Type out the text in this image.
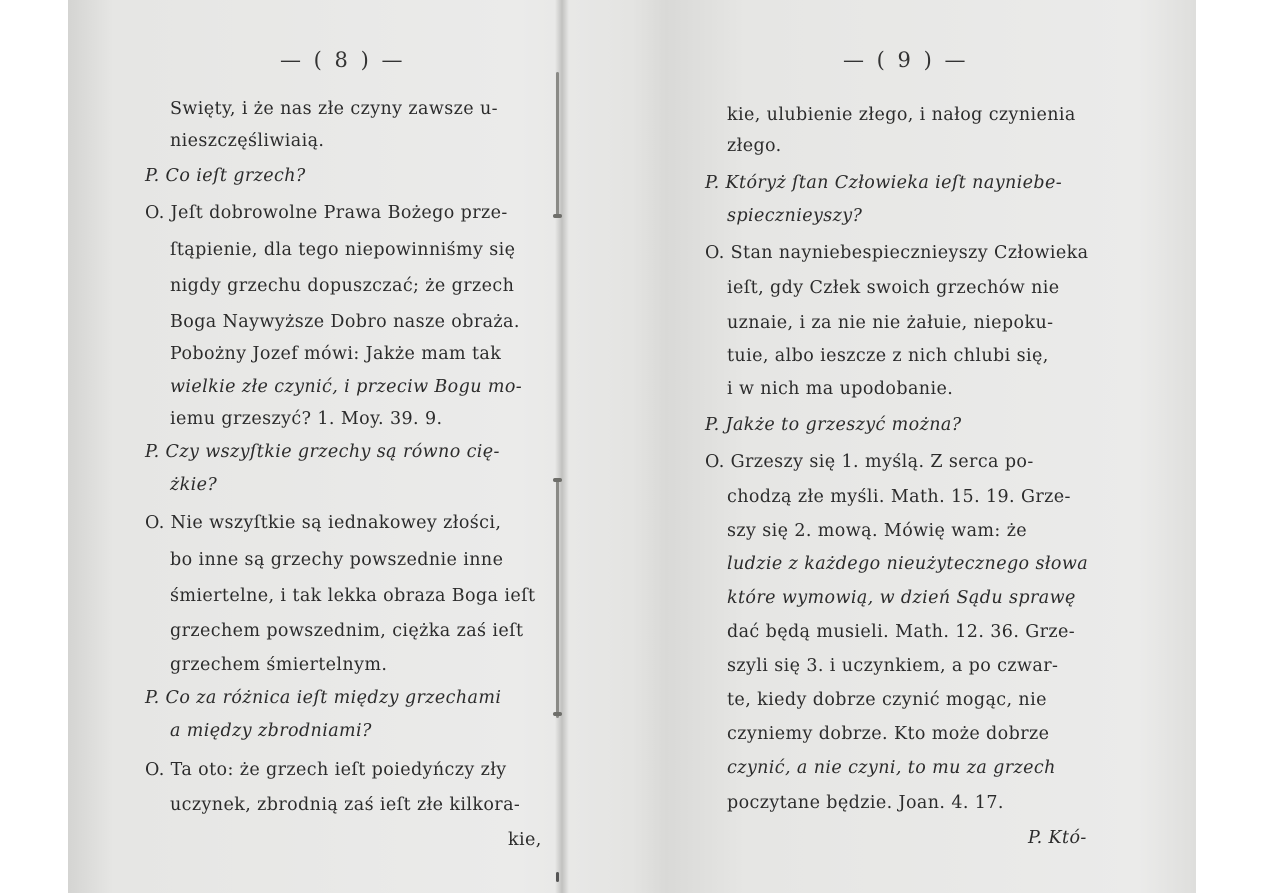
— ( 8 ) —
Swięty, i że nas złe czyny zawsze u-
nieszczęśliwiaią.
P. Co ieſt grzech?
O. Jeſt dobrowolne Prawa Bożego prze-
ſtąpienie, dla tego niepowinniśmy się
nigdy grzechu dopuszczać; że grzech
Boga Naywyższe Dobro nasze obraża.
Pobożny Jozef mówi: Jakże mam tak
wielkie złe czynić, i przeciw Bogu mo-
iemu grzeszyć? 1. Moy. 39. 9.
P. Czy wszyſtkie grzechy są równo cię-
żkie?
O. Nie wszyſtkie są iednakowey złości,
bo inne są grzechy powszednie inne
śmiertelne, i tak lekka obraza Boga ieſt
grzechem powszednim, ciężka zaś ieſt
grzechem śmiertelnym.
P. Co za różnica ieſt między grzechami
a między zbrodniami?
O. Ta oto: że grzech ieſt poiedyńczy zły
uczynek, zbrodnią zaś ieſt złe kilkora-
kie,
— ( 9 ) —
kie, ulubienie złego, i nałog czynienia
złego.
P. Któryż ſtan Człowieka ieſt nayniebe-
spiecznieyszy?
O. Stan nayniebespiecznieyszy Człowieka
ieſt, gdy Człek swoich grzechów nie
uznaie, i za nie nie żałuie, niepoku-
tuie, albo ieszcze z nich chlubi się,
i w nich ma upodobanie.
P. Jakże to grzeszyć można?
O. Grzeszy się 1. myślą. Z serca po-
chodzą złe myśli. Math. 15. 19. Grze-
szy się 2. mową. Mówię wam: że
ludzie z każdego nieużytecznego słowa
które wymowią, w dzień Sądu sprawę
dać będą musieli. Math. 12. 36. Grze-
szyli się 3. i uczynkiem, a po czwar-
te, kiedy dobrze czynić mogąc, nie
czyniemy dobrze. Kto może dobrze
czynić, a nie czyni, to mu za grzech
poczytane będzie. Joan. 4. 17.
P. Któ-
